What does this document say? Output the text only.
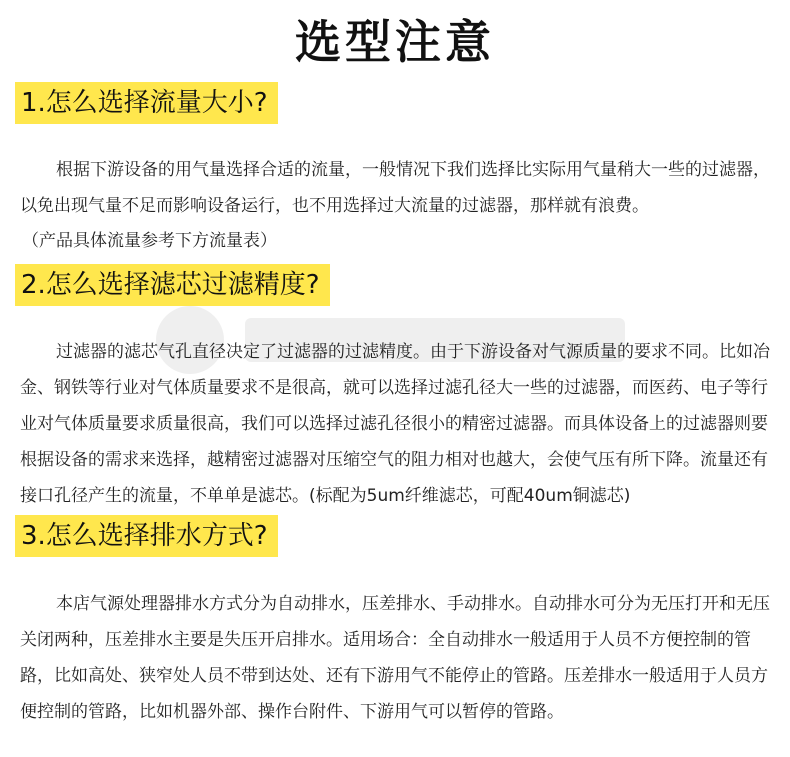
选型注意
1.怎么选择流量大小?

根据下游设备的用气量选择合适的流量，一般情况下我们选择比实际用气量稍大一些的过滤器，以免出现气量不足而影响设备运行，也不用选择过大流量的过滤器，那样就有浪费。

（产品具体流量参考下方流量表）
2.怎么选择滤芯过滤精度?

过滤器的滤芯气孔直径决定了过滤器的过滤精度。由于下游设备对气源质量的要求不同。比如冶金、钢铁等行业对气体质量要求不是很高，就可以选择过滤孔径大一些的过滤器，而医药、电子等行业对气体质量要求质量很高，我们可以选择过滤孔径很小的精密过滤器。而具体设备上的过滤器则要根据设备的需求来选择，越精密过滤器对压缩空气的阻力相对也越大，会使气压有所下降。流量还有接口孔径产生的流量，不单单是滤芯。(标配为5um纤维滤芯，可配40um铜滤芯)

3.怎么选择排水方式?

本店气源处理器排水方式分为自动排水，压差排水、手动排水。自动排水可分为无压打开和无压关闭两种，压差排水主要是失压开启排水。适用场合：全自动排水一般适用于人员不方便控制的管路，比如高处、狭窄处人员不带到达处、还有下游用气不能停止的管路。压差排水一般适用于人员方便控制的管路，比如机器外部、操作台附件、下游用气可以暂停的管路。
